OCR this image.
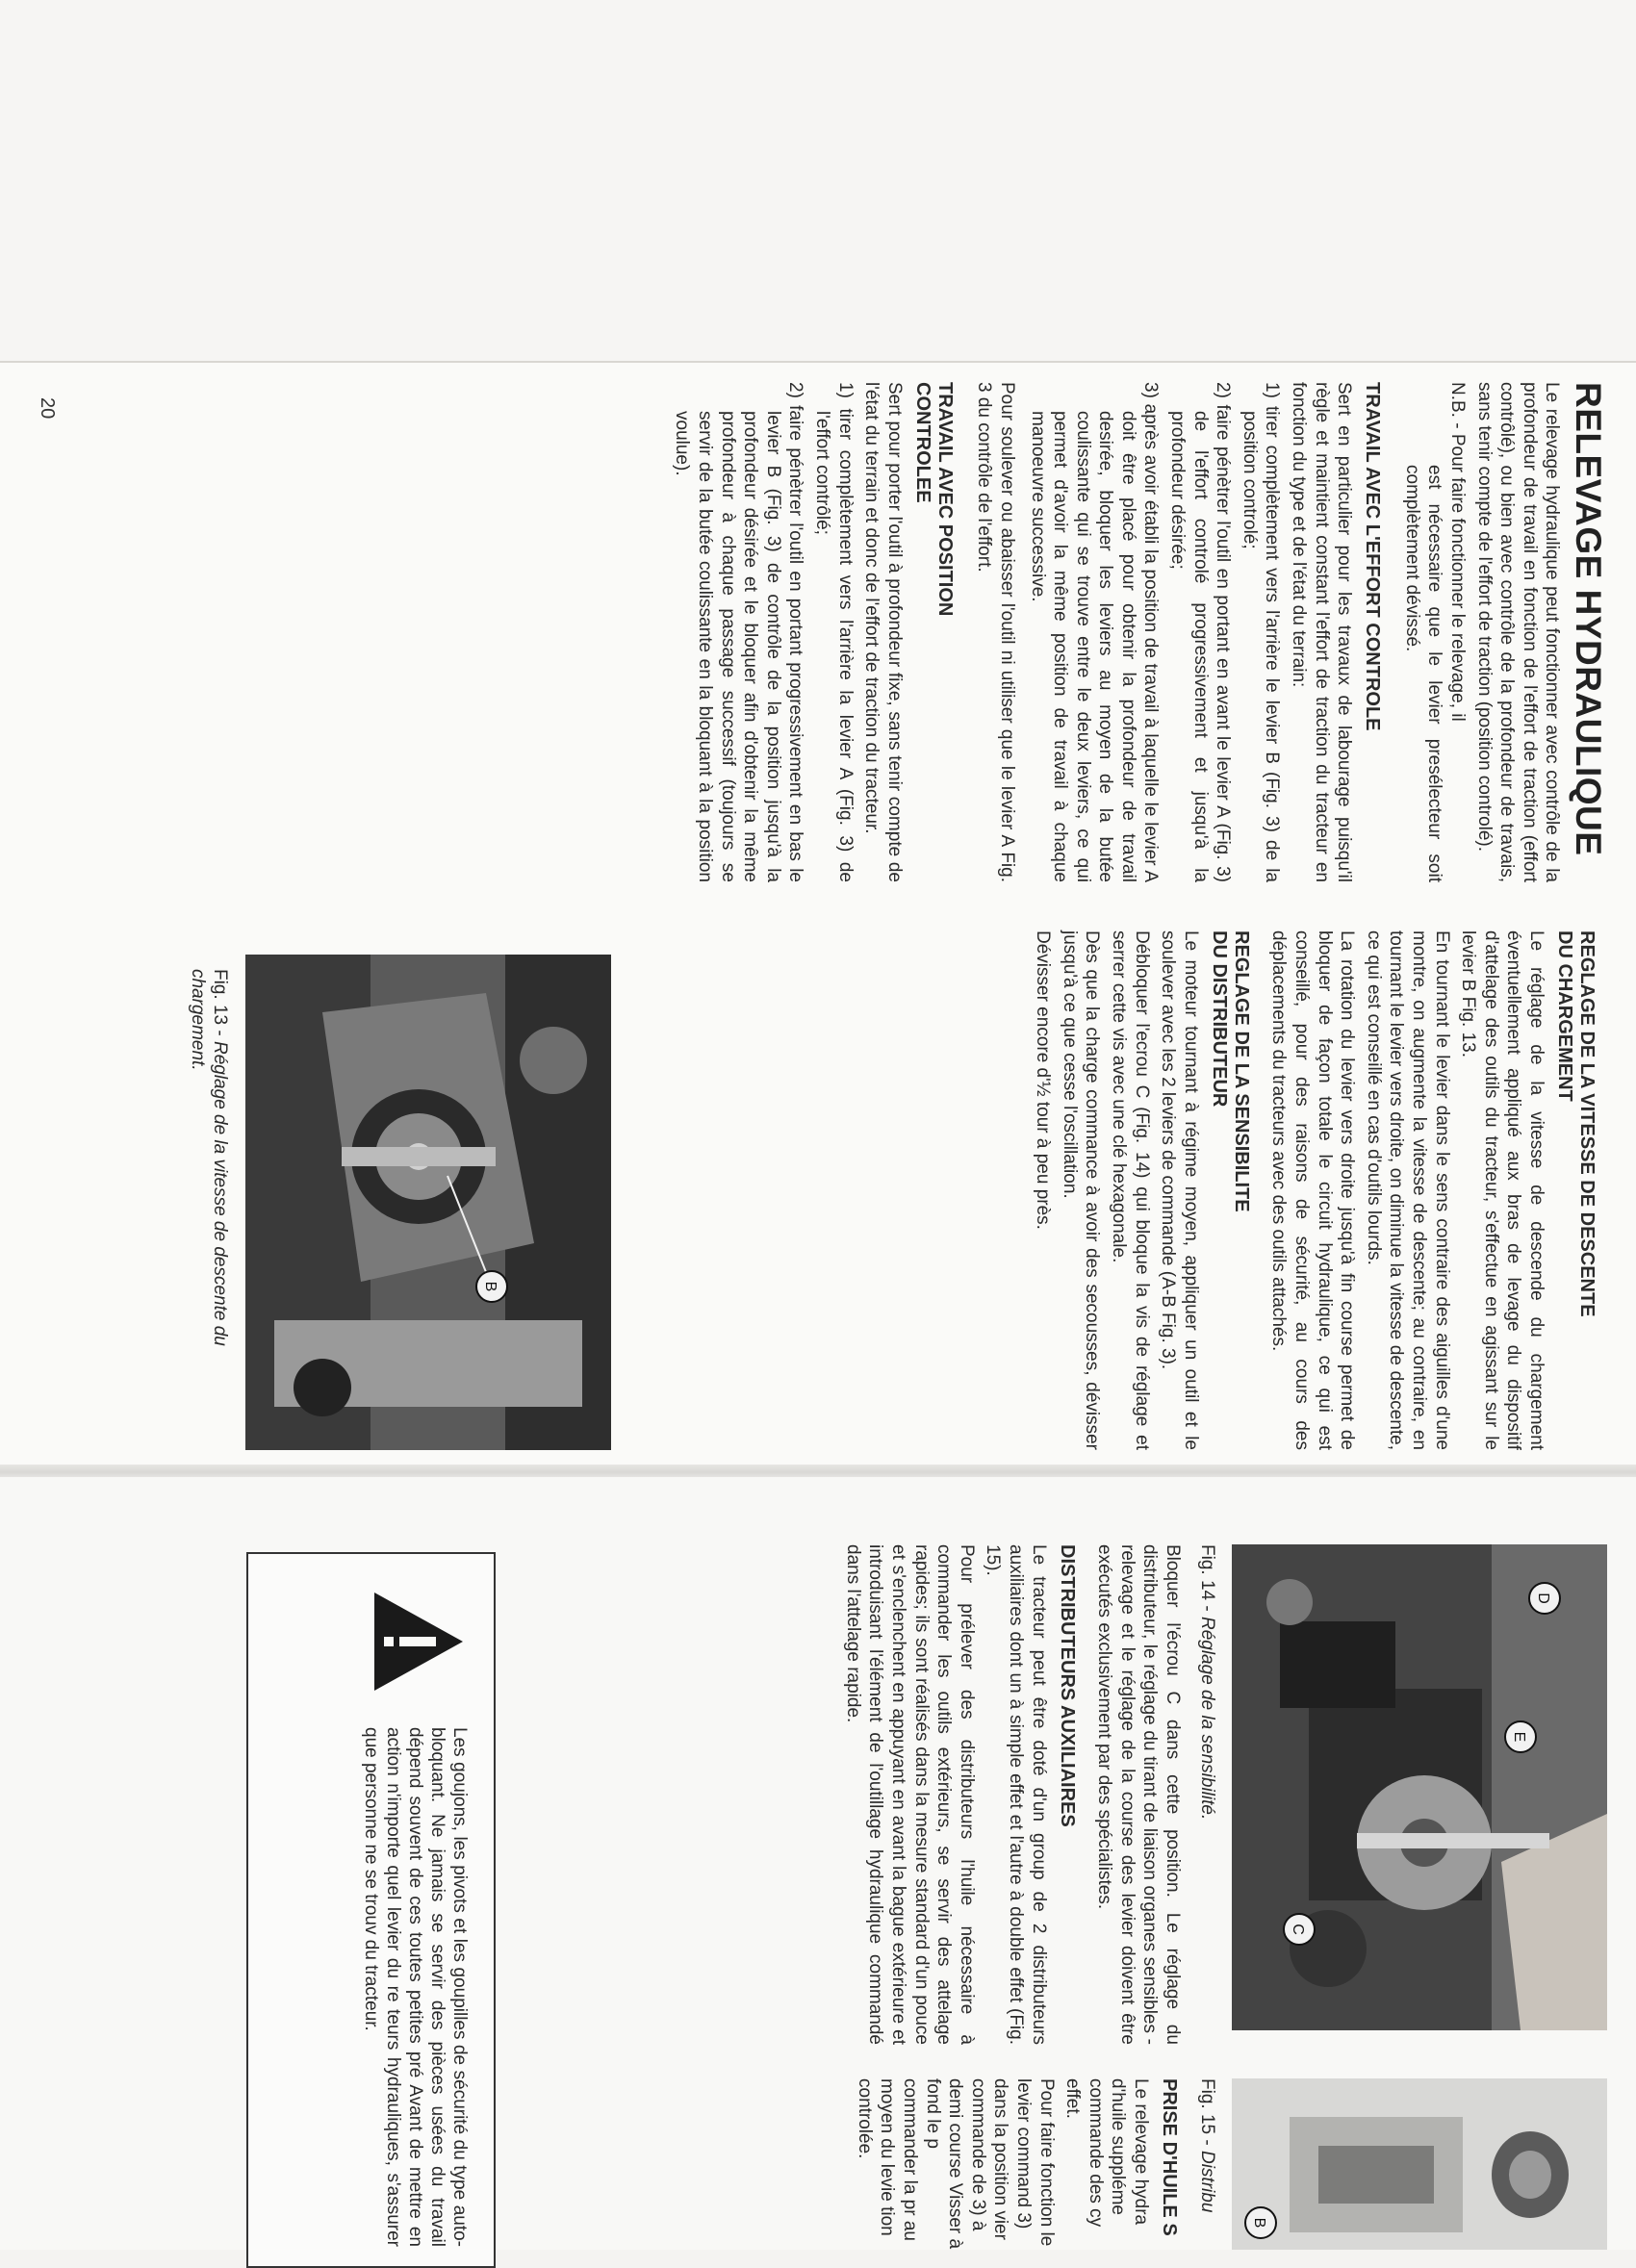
RELEVAGE HYDRAULIQUE

Le relevage hydraulique peut fonctionner avec contrôle de la profondeur de travail en fonction de l'effort de traction (effort contrôlé), ou bien avec contrôle de la profondeur de travais, sans tenir compte de l'effort de traction (position controlé).

N.B. - Pour faire fonctionner le relevage, il

est nécessaire que le levier presélecteur soit complètement dévissé.

TRAVAIL AVEC L'EFFORT CONTROLE

Sert en particulier pour les travaux de labourage puisqu'il règle et maintient constant l'effort de traction du tracteur en fonction du type et de l'état du terrain:

1) tirer complètement vers l'arrière le levier B (Fig. 3) de la position controlé;

2) faire pénètrer l'outil en portant en avant le levier A (Fig. 3) de l'effort controlé progressivement et jusqu'à la profondeur désirée;

3) après avoir établi la position de travail à laquelle le levier A doit être placé pour obtenir la profondeur de travail desirée, bloquer les leviers au moyen de la butée coulissante qui se trouve entre le deux leviers, ce qui permet d'avoir la même position de travail à chaque manoeuvre successive.

Pour soulever ou abaisser l'outil ni utiliser que le levier A Fig. 3 du contrôle de l'effort.

TRAVAIL AVEC POSITION
CONTROLEE

Sert pour porter l'outil à profondeur fixe, sans tenir compte de l'état du terrain et donc de l'effort de traction du tracteur.

1) tirer complètement vers l'arrière la levier A (Fig. 3) de l'effort contrôlé;

2) faire pénètrer l'outil en portant progressivement en bas le levier B (Fig. 3) de contrôle de la position jusqu'à la profondeur désirée et le bloquer afin d'obtenir la même profondeur à chaque passage successif (toujours se servir de la butée coulissante en la bloquant à la position voulue).

20
REGLAGE DE LA VITESSE DE DESCENTE
DU CHARGEMENT

Le réglage de la vitesse de descende du chargement éventuellement appliqué aux bras de levage du dispositif d'attelage des outils du tracteur, s'effectue en agissant sur le levier B Fig. 13.

En tournant le levier dans le sens contraire des aiguilles d'une montre, on augmente la vitesse de descente; au contraire, en tournant le levier vers droite, on diminue la vitesse de descente, ce qui est conseillé en cas d'outils lourds.

La rotation du levier vers droite jusqu'à fin course permet de bloquer de façon totale le circuit hydraulique, ce qui est conseillé, pour des raisons de sécurité, au cours des déplacements du tracteurs avec des outils attachés.

REGLAGE DE LA SENSIBILITE
DU DISTRIBUTEUR

Le moteur tournant à régime moyen, appliquer un outil et le soulever avec les 2 leviers de commande (A-B Fig. 3).

Débloquer l'ecrou C (Fig. 14) qui bloque la vis de réglage et serrer cette vis avec une clé hexagonale.

Dès que la charge commance à avoir des secousses, dévisser jusqu'à ce que cesse l'oscillation.

Dévisser encore d'½ tour à peu près.

B
Fig. 13 - Réglage de la vitesse de descente du chargement.
C
D
E
Fig. 14 - Réglage de la sensibilité.

Bloquer l'écrou C dans cette position. Le réglage du distributeur, le réglage du tirant de liaison organes sensibles - relevage et le réglage de la course des levier doivent être exécutés exclusivement par des spécialistes.

DISTRIBUTEURS AUXILIAIRES

Le tracteur peut être doté d'un group de 2 distributeurs auxiliaires dont un à simple effet et l'autre à double effet (Fig. 15).

Pour prélever des distributeurs l'huile nécessaire à commander les outils extérieurs, se servir des attelage rapides; ils sont réalisés dans la mesure standard d'un pouce et s'enclenchent en appuyant en avant la bague extérieure et introduisant l'élément de l'outillage hydraulique commandé dans l'attelage rapide.

Les goujons, les pivots et les goupilles de sécurité du type auto-bloquant. Ne jamais se servir des pièces usées du travail dépend souvent de ces toutes petites pré Avant de mettre en action n'importe quel levier du re teurs hydrauliques, s'assurer que personne ne se trouv du tracteur.
B
Fig. 15 - Distribu
PRISE D'HUILE S

Le relevage hydra d'huile suppléme commande des cy effet.

Pour faire fonction le levier command 3) dans la position vier commande de 3) à demi course Visser à fond le p commander la pr au moyen du levie tion controlée.
